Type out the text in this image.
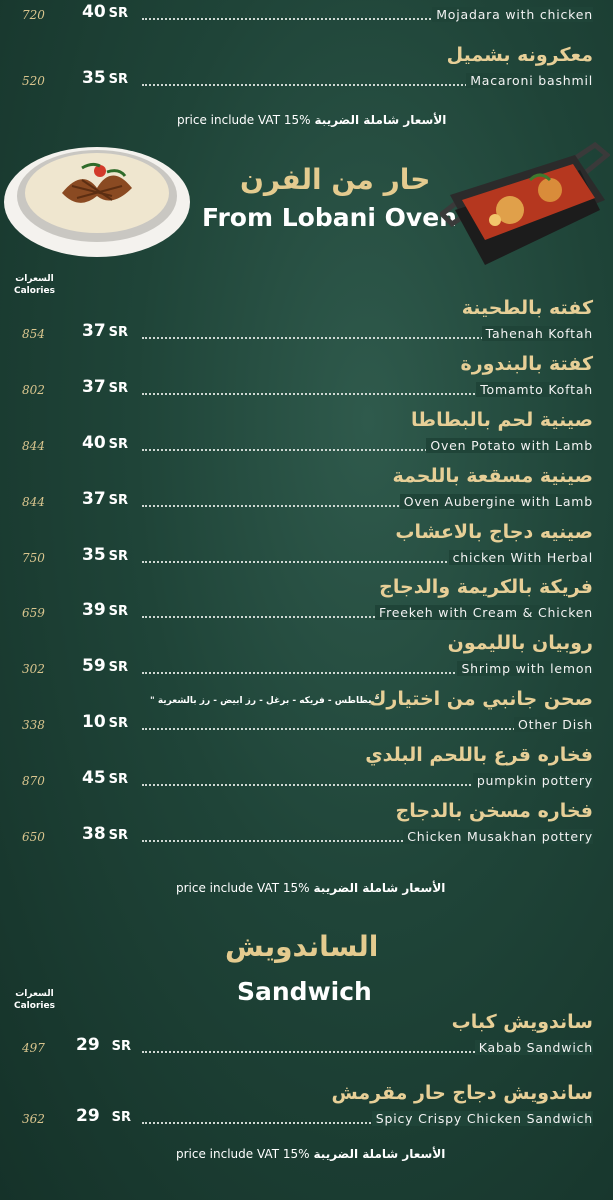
720 40 SR	Mojadara with chicken
معكرونه بشميل
520 35 SR	Macaroni bashmil
price include VAT 15% الأسعار شاملة الضريبة
حار من الفرن
From Lobani Oven
السعرات
Calories
كفته بالطحينة
854 37 SR	Tahenah Koftah
كفتة بالبندورة
802 37 SR	Tomamto Koftah
صينية لحم بالبطاطا
844 40 SR	Oven Potato with Lamb
صينية مسقعة باللحمة
844 37 SR	Oven Aubergine with Lamb
صينيه دجاج بالاعشاب
750 35 SR	chicken With Herbal
فريكة بالكريمة والدجاج
659 39 SR	Freekeh with Cream & Chicken
روبيان بالليمون
302 59 SR	Shrimp with lemon
صحن جانبي من اختيارك
" بطاطس - فريكه - برغل - رز ابيض - رز بالشعرية "
338 10 SR	Other Dish
فخاره قرع باللحم البلدي
870 45 SR	pumpkin pottery
فخاره مسخن بالدجاج
650 38 SR	Chicken Musakhan pottery
price include VAT 15% الأسعار شاملة الضريبة
الساندويش
Sandwich
السعرات
Calories
ساندويش كباب
497 29 SR	Kabab Sandwich
ساندويش دجاج حار مقرمش
362 29 SR	Spicy Crispy Chicken Sandwich
price include VAT 15% الأسعار شاملة الضريبة
